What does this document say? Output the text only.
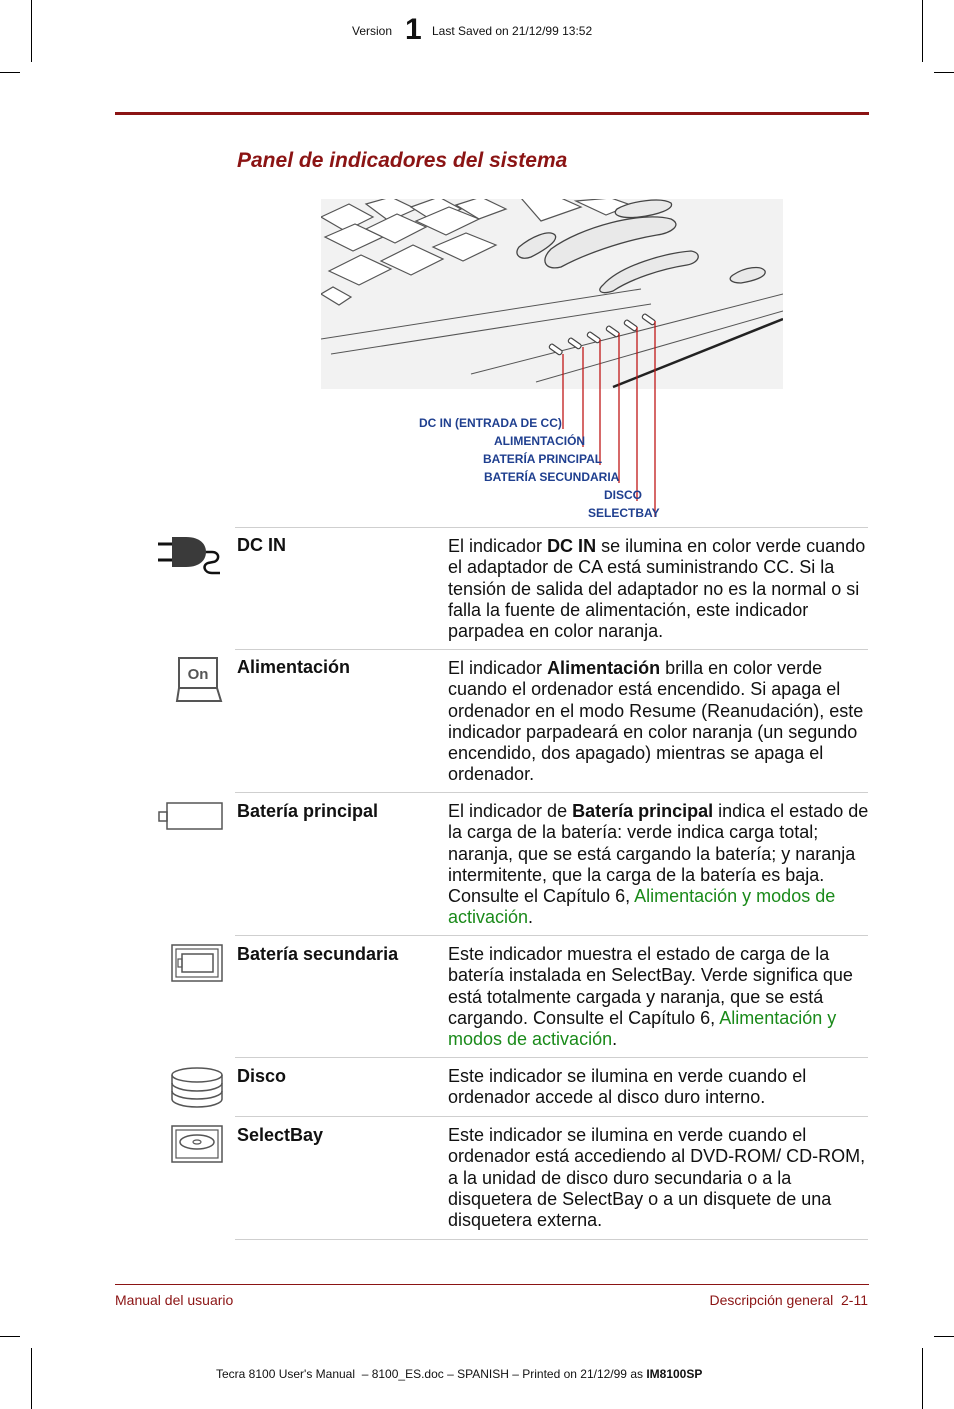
Version 1 Last Saved on 21/12/99 13:52
Panel de indicadores del sistema
DC IN (ENTRADA DE CC)
ALIMENTACIÓN
BATERÍA PRINCIPAL
BATERÍA SECUNDARIA
DISCO
SELECTBAY
On
DC IN
Alimentación
Batería principal
Batería secundaria
Disco
SelectBay
El indicador DC IN se ilumina en color verde cuando el adaptador de CA está suministrando CC. Si la tensión de salida del adaptador no es la normal o si falla la fuente de alimentación, este indicador parpadea en color naranja.
El indicador Alimentación brilla en color verde cuando el ordenador está encendido. Si apaga el ordenador en el modo Resume (Reanudación), este indicador parpadeará en color naranja (un segundo encendido, dos apagado) mientras se apaga el ordenador.
El indicador de Batería principal indica el estado de la carga de la batería: verde indica carga total; naranja, que se está cargando la batería; y naranja intermitente, que la carga de la batería es baja. Consulte el Capítulo 6, Alimentación y modos de activación.
Este indicador muestra el estado de carga de la batería instalada en SelectBay. Verde significa que está totalmente cargada y naranja, que se está cargando. Consulte el Capítulo 6, Alimentación y modos de activación.
Este indicador se ilumina en verde cuando el ordenador accede al disco duro interno.
Este indicador se ilumina en verde cuando el ordenador está accediendo al DVD-ROM/ CD-ROM, a la unidad de disco duro secundaria o a la disquetera de SelectBay o a un disquete de una disquetera externa.
Manual del usuario	Descripción general  2-11
Tecra 8100 User's Manual  – 8100_ES.doc – SPANISH – Printed on 21/12/99 as IM8100SP
